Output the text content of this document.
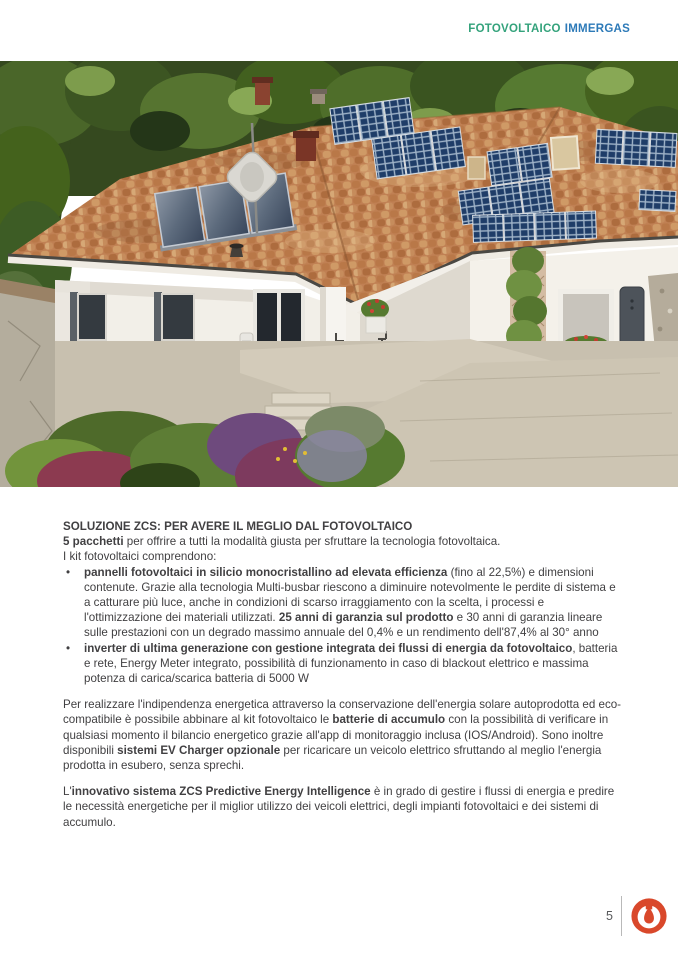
FOTOVOLTAICO IMMERGAS
SOLUZIONE ZCS: PER AVERE IL MEGLIO DAL FOTOVOLTAICO
5 pacchetti per offrire a tutti la modalità giusta per sfruttare la tecnologia fotovoltaica.
I kit fotovoltaici comprendono:
•	pannelli fotovoltaici in silicio monocristallino ad elevata efficienza (fino al 22,5%) e dimensioni contenute. Grazie alla tecnologia Multi-busbar riescono a diminuire notevolmente le perdite di sistema e a catturare più luce, anche in condizioni di scarso irraggiamento con la scelta, i processi e l'ottimizzazione dei materiali utilizzati. 25 anni di garanzia sul prodotto e 30 anni di garanzia lineare sulle prestazioni con un degrado massimo annuale del 0,4% e un rendimento dell'87,4% al 30° anno
•	inverter di ultima generazione con gestione integrata dei flussi di energia da fotovoltaico, batteria e rete, Energy Meter integrato, possibilità di funzionamento in caso di blackout elettrico e massima potenza di carica/scarica batteria di 5000 W
Per realizzare l'indipendenza energetica attraverso la conservazione dell'energia solare autoprodotta ed eco-compatibile è possibile abbinare al kit fotovoltaico le batterie di accumulo con la possibilità di verificare in qualsiasi momento il bilancio energetico grazie all'app di monitoraggio inclusa (IOS/Android). Sono inoltre disponibili sistemi EV Charger opzionale per ricaricare un veicolo elettrico sfruttando al meglio l'energia prodotta in esubero, senza sprechi.
L'innovativo sistema ZCS Predictive Energy Intelligence è in grado di gestire i flussi di energia e predire le necessità energetiche per il miglior utilizzo dei veicoli elettrici, degli impianti fotovoltaici e dei sistemi di accumulo.
5
